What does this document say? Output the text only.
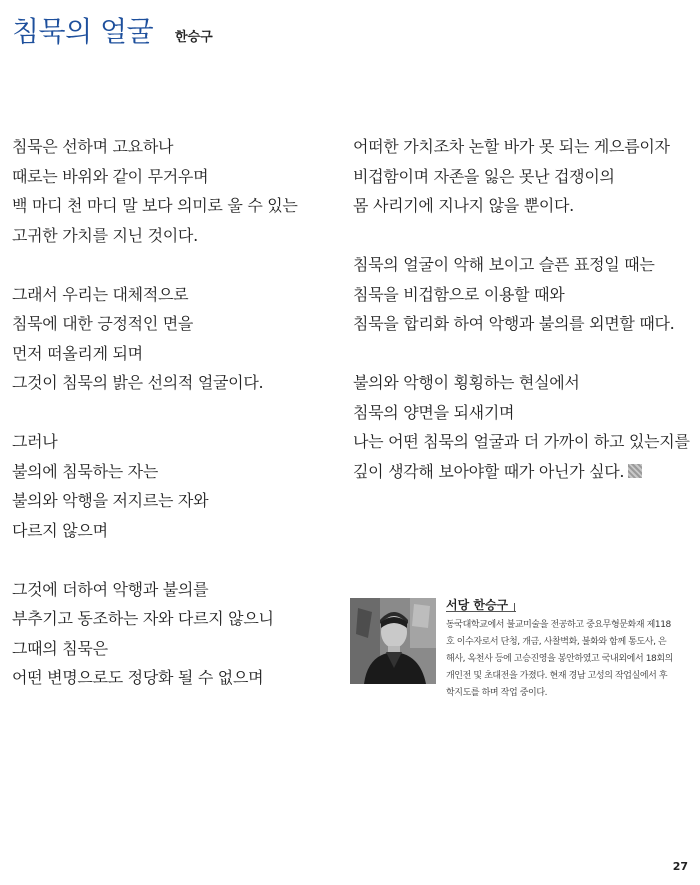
침묵의 얼굴 한승구
침묵은 선하며 고요하나
때로는 바위와 같이 무거우며
백 마디 천 마디 말 보다 의미로 울 수 있는
고귀한 가치를 지닌 것이다.
그래서 우리는 대체적으로
침묵에 대한 긍정적인 면을
먼저 떠올리게 되며
그것이 침묵의 밝은 선의적 얼굴이다.
그러나
불의에 침묵하는 자는
불의와 악행을 저지르는 자와
다르지 않으며
그것에 더하여 악행과 불의를
부추기고 동조하는 자와 다르지 않으니
그때의 침묵은
어떤 변명으로도 정당화 될 수 없으며
어떠한 가치조차 논할 바가 못 되는 게으름이자
비겁함이며 자존을 잃은 못난 겁쟁이의
몸 사리기에 지나지 않을 뿐이다.
침묵의 얼굴이 악해 보이고 슬픈 표정일 때는
침묵을 비겁함으로 이용할 때와
침묵을 합리화 하여 악행과 불의를 외면할 때다.
불의와 악행이 횡횡하는 현실에서
침묵의 양면을 되새기며
나는 어떤 침묵의 얼굴과 더 가까이 하고 있는지를
깊이 생각해 보아야할 때가 아닌가 싶다.
서당 한승구
동국대학교에서 불교미술을 전공하고 중요무형문화재 제118
호 이수자로서 단청, 개금, 사찰벽화, 불화와 함께 통도사, 은
해사, 옥천사 등에 고승진영을 봉안하였고 국내외에서 18회의
개인전 및 초대전을 가졌다. 현재 경남 고성의 작업실에서 후
학지도를 하며 작업 중이다.
27
